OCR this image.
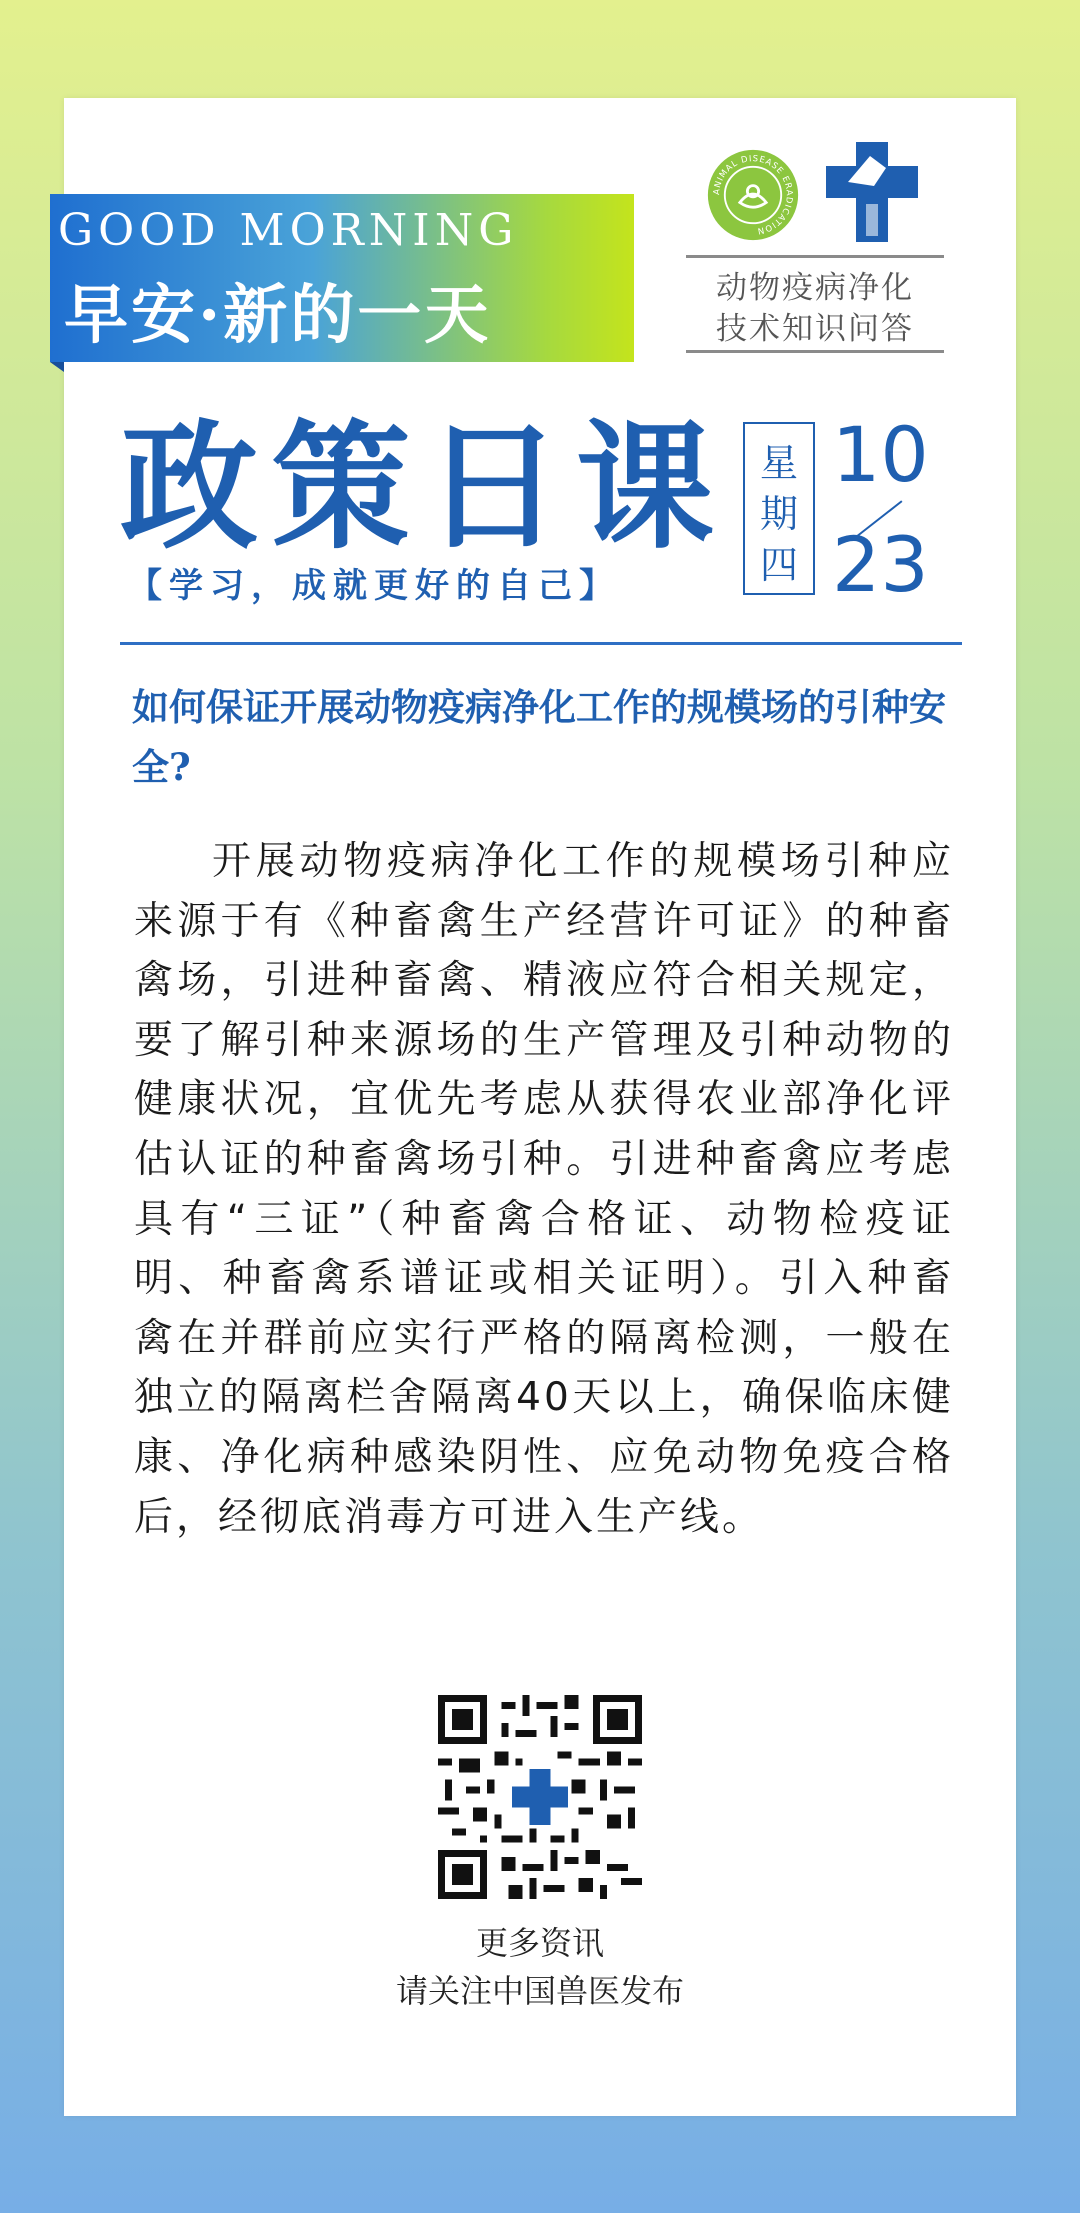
GOOD MORNING
早安·新的一天
ANIMAL DISEASE ERADICATION
动物疫病净化
技术知识问答
政策日课
【学习，成就更好的自己】
星
期
四
10
23
如何保证开展动物疫病净化工作的规模场的引种安全?
开展动物疫病净化工作的规模场引种应来源于有《种畜禽生产经营许可证》的种畜禽场，引进种畜禽、精液应符合相关规定，要了解引种来源场的生产管理及引种动物的健康状况，宜优先考虑从获得农业部净化评估认证的种畜禽场引种。引进种畜禽应考虑具有“三证”（种畜禽合格证、动物检疫证明、种畜禽系谱证或相关证明）。引入种畜禽在并群前应实行严格的隔离检测，一般在独立的隔离栏舍隔离40天以上，确保临床健康、净化病种感染阴性、应免动物免疫合格后，经彻底消毒方可进入生产线。
更多资讯
请关注中国兽医发布
